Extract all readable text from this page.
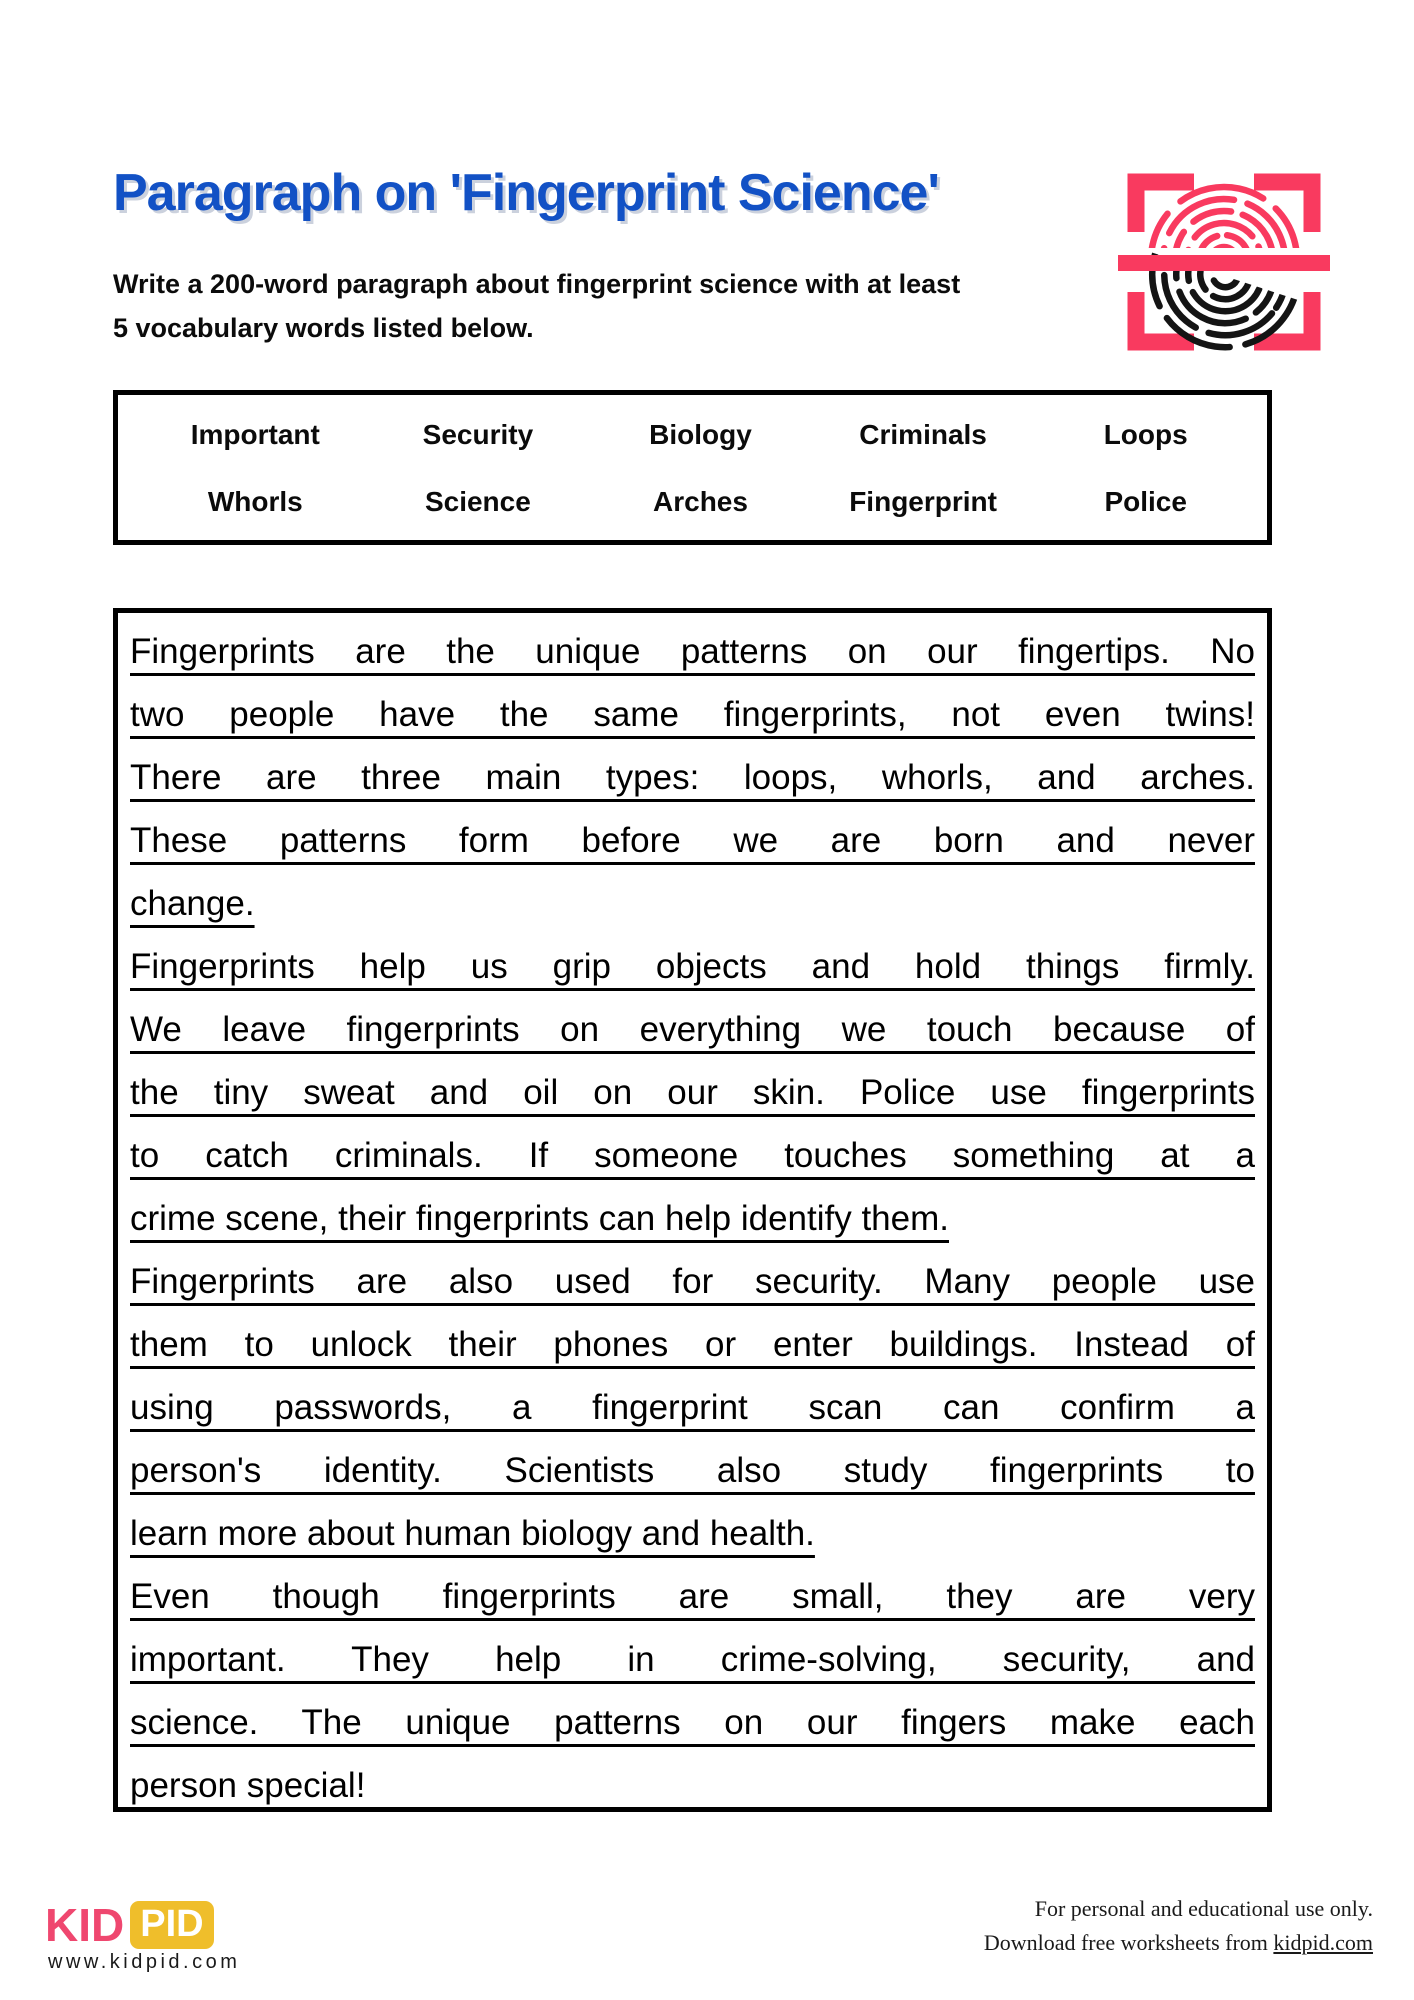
Paragraph on 'Fingerprint Science'
Write a 200-word paragraph about fingerprint science with at least
5 vocabulary words listed below.
Important	Security	Biology	Criminals	Loops
Whorls	Science	Arches	Fingerprint	Police
Fingerprints are the unique patterns on our fingertips. No
two people have the same fingerprints, not even twins!
There are three main types: loops, whorls, and arches.
These patterns form before we are born and never
change.
Fingerprints help us grip objects and hold things firmly.
We leave fingerprints on everything we touch because of
the tiny sweat and oil on our skin. Police use fingerprints
to catch criminals. If someone touches something at a
crime scene, their fingerprints can help identify them.
Fingerprints are also used for security. Many people use
them to unlock their phones or enter buildings. Instead of
using passwords, a fingerprint scan can confirm a
person's identity. Scientists also study fingerprints to
learn more about human biology and health.
Even though fingerprints are small, they are very
important. They help in crime-solving, security, and
science. The unique patterns on our fingers make each
person special!
KID PID
www.kidpid.com
For personal and educational use only.
Download free worksheets from kidpid.com
